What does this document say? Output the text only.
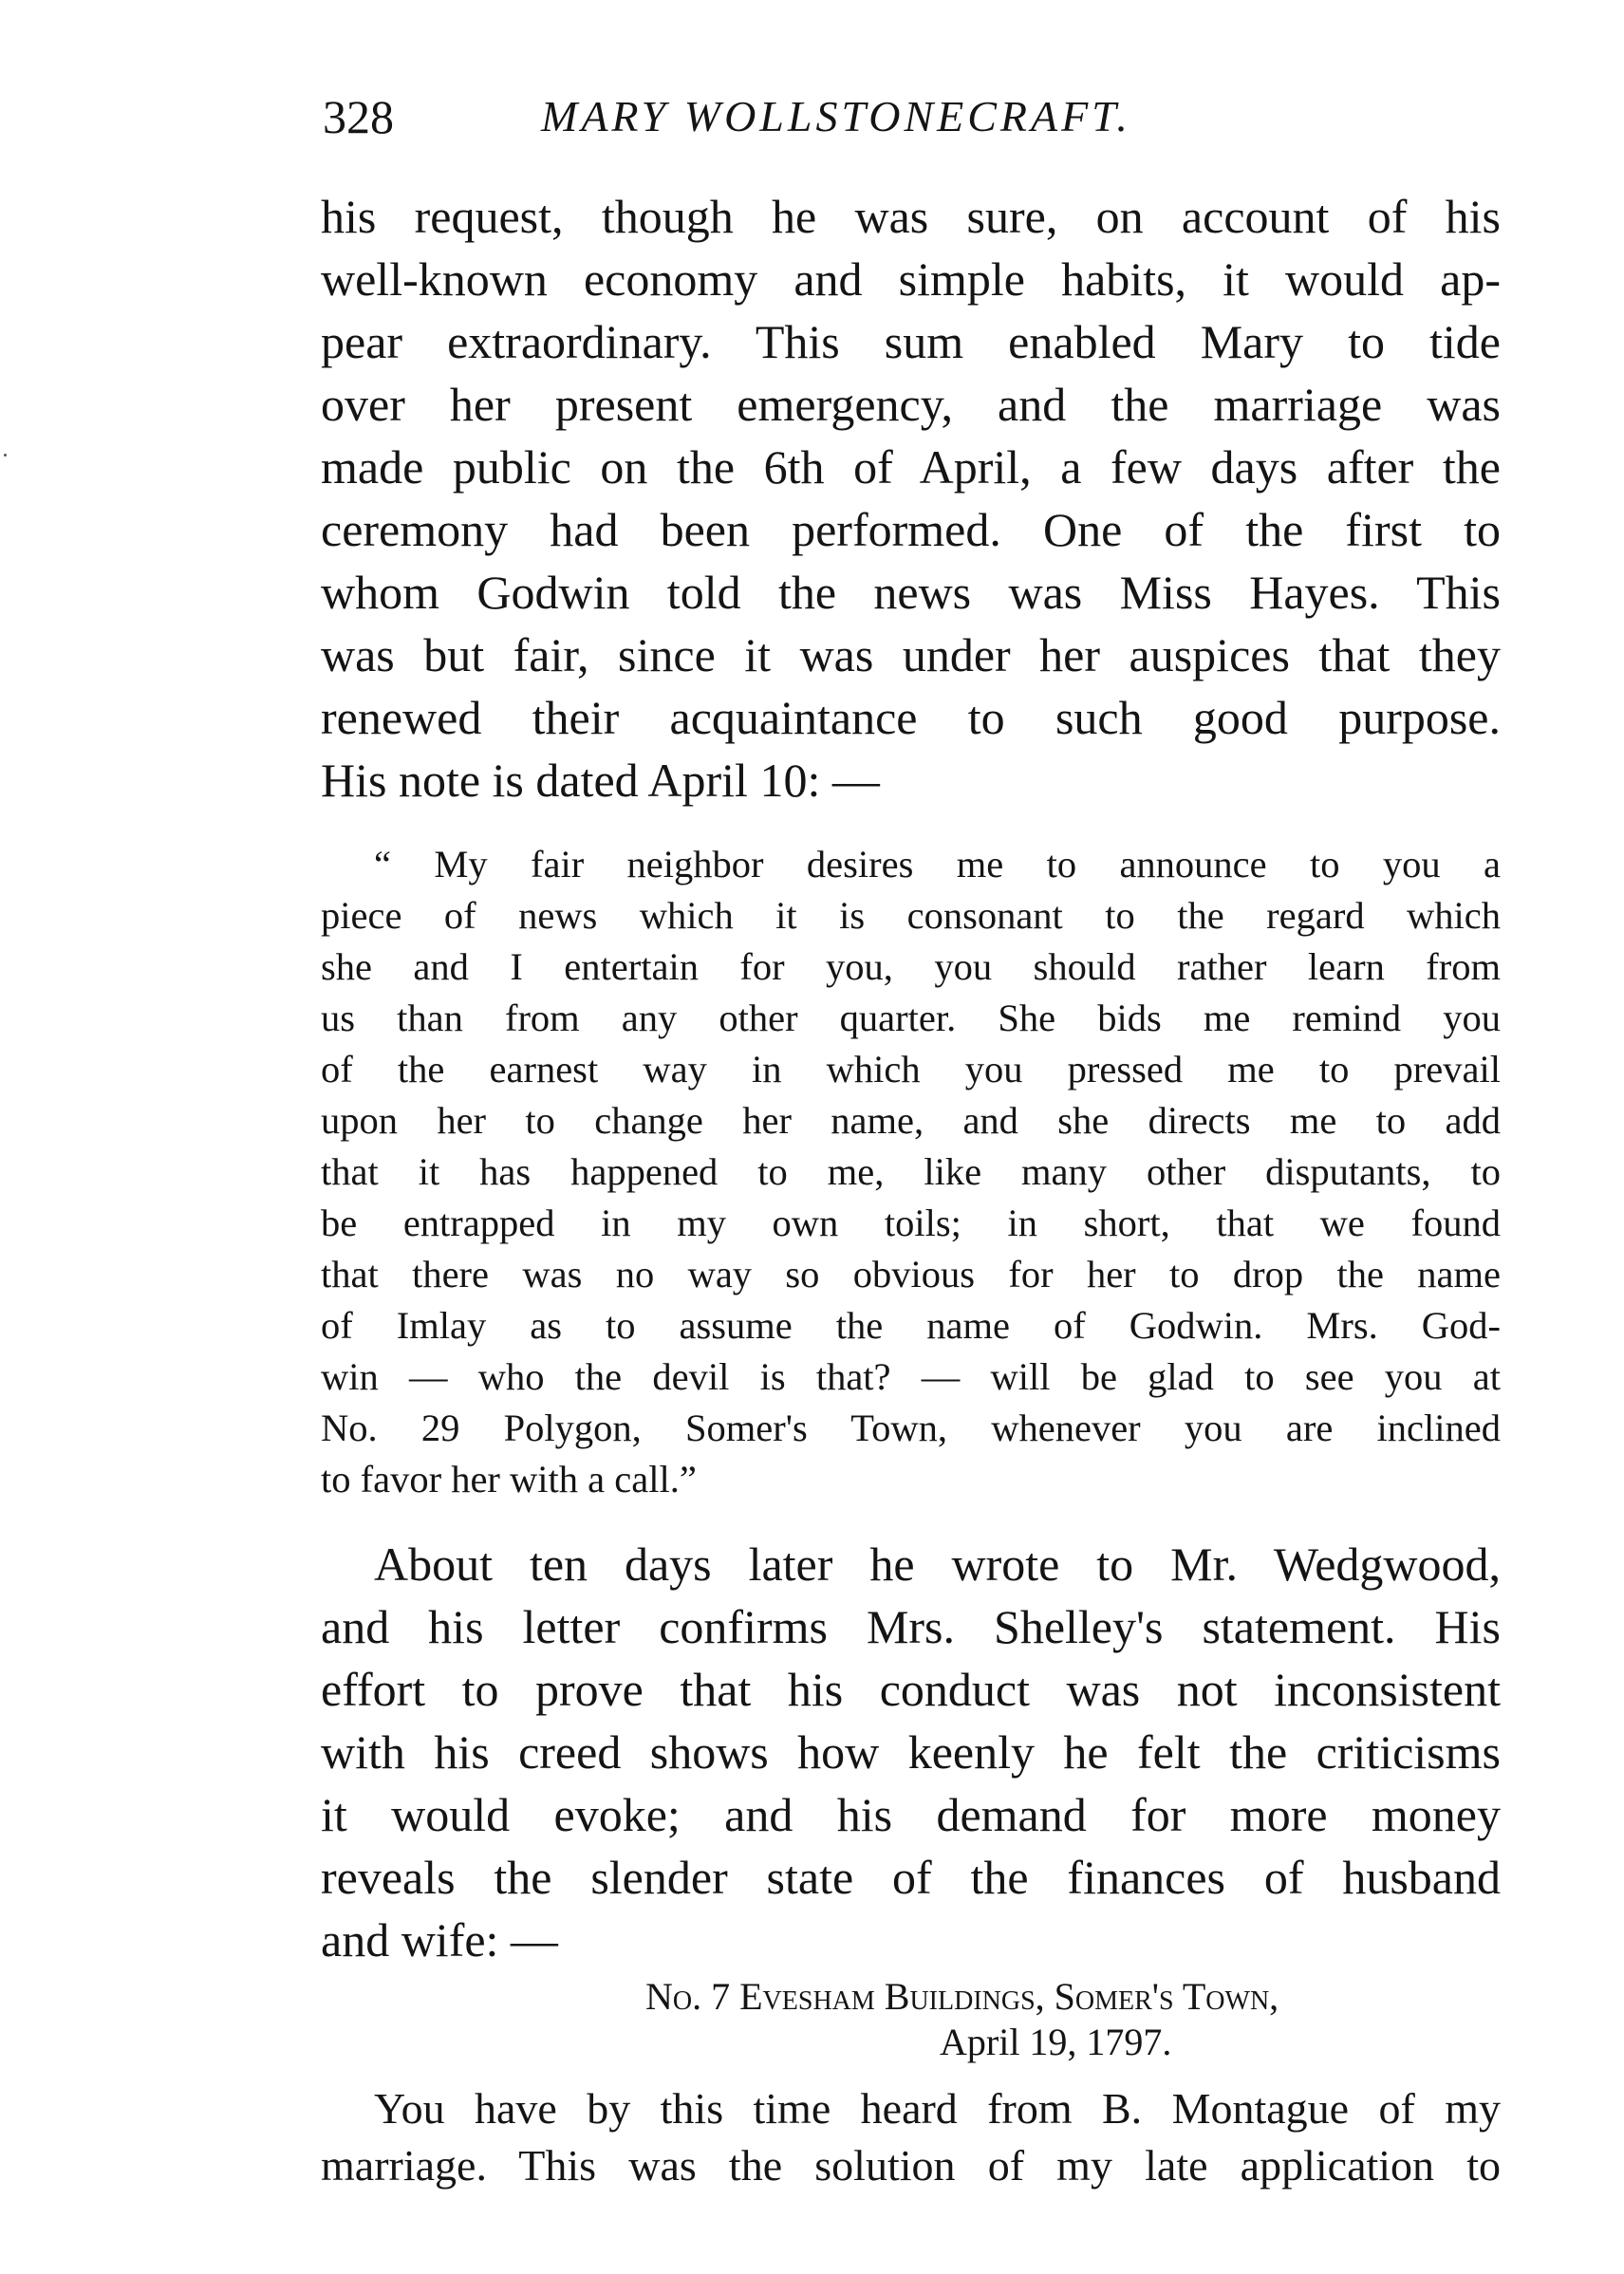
328	MARY WOLLSTONECRAFT.
his request, though he was sure, on account of his
well-known economy and simple habits, it would ap-
pear extraordinary. This sum enabled Mary to tide
over her present emergency, and the marriage was
made public on the 6th of April, a few days after the
ceremony had been performed. One of the first to
whom Godwin told the news was Miss Hayes. This
was but fair, since it was under her auspices that they
renewed their acquaintance to such good purpose.
His note is dated April 10: —
“ My fair neighbor desires me to announce to you a
piece of news which it is consonant to the regard which
she and I entertain for you, you should rather learn from
us than from any other quarter. She bids me remind you
of the earnest way in which you pressed me to prevail
upon her to change her name, and she directs me to add
that it has happened to me, like many other disputants, to
be entrapped in my own toils; in short, that we found
that there was no way so obvious for her to drop the name
of Imlay as to assume the name of Godwin. Mrs. God-
win — who the devil is that? — will be glad to see you at
No. 29 Polygon, Somer's Town, whenever you are inclined
to favor her with a call.”
About ten days later he wrote to Mr. Wedgwood,
and his letter confirms Mrs. Shelley's statement. His
effort to prove that his conduct was not inconsistent
with his creed shows how keenly he felt the criticisms
it would evoke; and his demand for more money
reveals the slender state of the finances of husband
and wife: —
No. 7 Evesham Buildings, Somer's Town,
April 19, 1797.
You have by this time heard from B. Montague of my
marriage. This was the solution of my late application to
